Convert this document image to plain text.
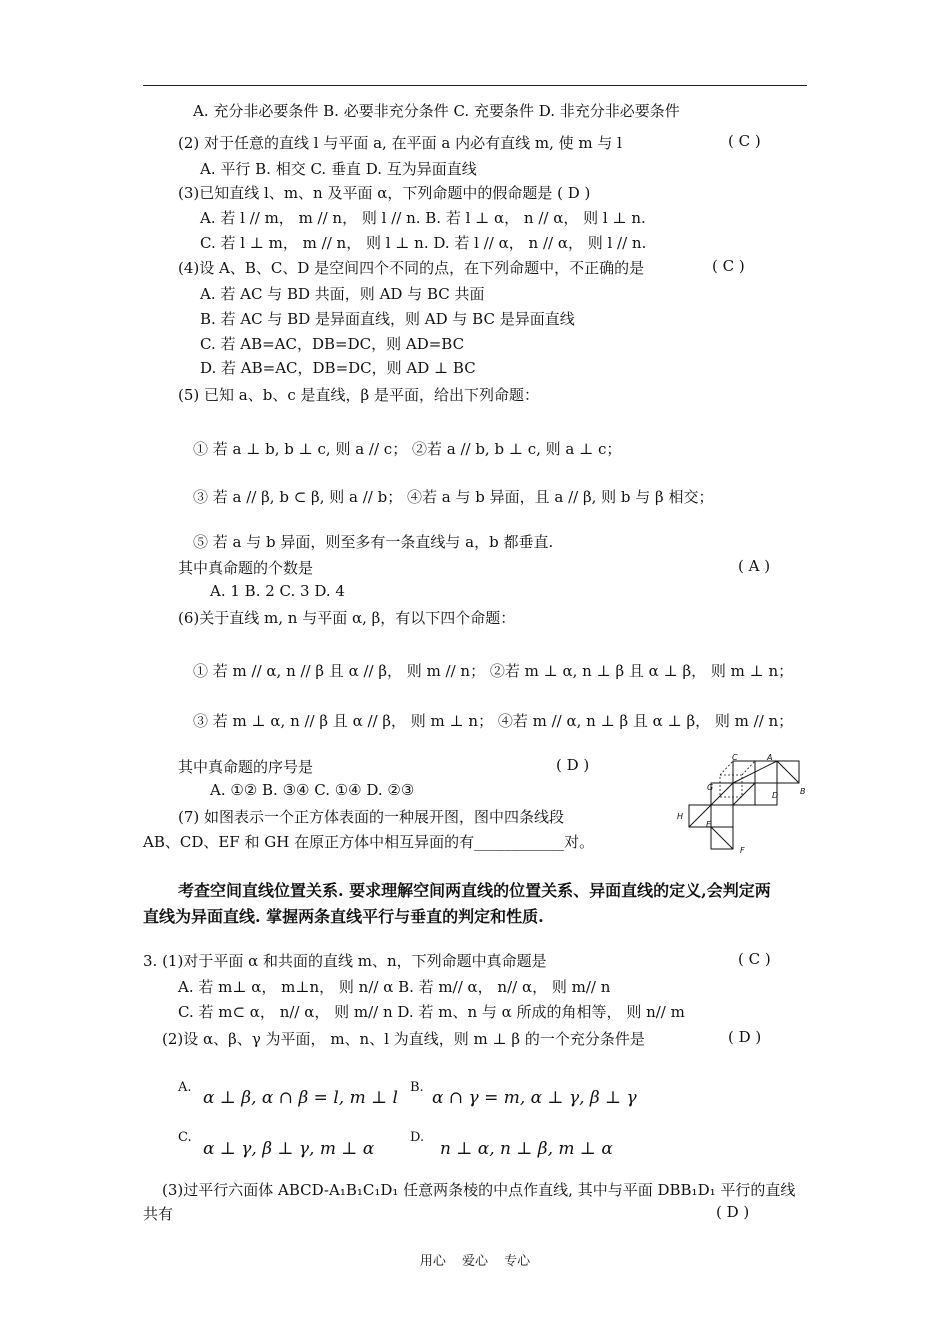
A. 充分非必要条件 B. 必要非充分条件 C. 充要条件 D. 非充分非必要条件
(2) 对于任意的直线 l 与平面 a, 在平面 a 内必有直线 m, 使 m 与 l	( C )
A. 平行 B. 相交 C. 垂直 D. 互为异面直线
(3)已知直线 l、m、n 及平面 α，下列命题中的假命题是 ( D )
A. 若 l // m， m // n， 则 l // n. B. 若 l ⊥ α， n // α， 则 l ⊥ n.
C. 若 l ⊥ m， m // n， 则 l ⊥ n. D. 若 l // α， n // α， 则 l // n.
(4)设 A、B、C、D 是空间四个不同的点，在下列命题中，不正确的是	( C )
A. 若 AC 与 BD 共面，则 AD 与 BC 共面
B. 若 AC 与 BD 是异面直线，则 AD 与 BC 是异面直线
C. 若 AB=AC，DB=DC，则 AD=BC
D. 若 AB=AC，DB=DC，则 AD ⊥ BC
(5) 已知 a、b、c 是直线，β 是平面，给出下列命题：
① 若 a ⊥ b, b ⊥ c, 则 a // c； ②若 a // b, b ⊥ c, 则 a ⊥ c；
③ 若 a // β, b ⊂ β, 则 a // b； ④若 a 与 b 异面，且 a // β, 则 b 与 β 相交；
⑤ 若 a 与 b 异面，则至多有一条直线与 a，b 都垂直.
其中真命题的个数是	( A )
A. 1 B. 2 C. 3 D. 4
(6)关于直线 m, n 与平面 α, β，有以下四个命题：
① 若 m // α, n // β 且 α // β， 则 m // n； ②若 m ⊥ α, n ⊥ β 且 α ⊥ β， 则 m ⊥ n；
③ 若 m ⊥ α, n // β 且 α // β， 则 m ⊥ n； ④若 m // α, n ⊥ β 且 α ⊥ β， 则 m // n；
其中真命题的序号是	( D )
A. ①② B. ③④ C. ①④ D. ②③
(7) 如图表示一个正方体表面的一种展开图，图中四条线段
AB、CD、EF 和 GH 在原正方体中相互异面的有____________对。
C	A
G
D	B
H
E
F
考查空间直线位置关系. 要求理解空间两直线的位置关系、异面直线的定义,会判定两
直线为异面直线. 掌握两条直线平行与垂直的判定和性质.
3. (1)对于平面 α 和共面的直线 m、n，下列命题中真命题是	( C )
A. 若 m⊥ α， m⊥n， 则 n// α B. 若 m// α， n// α， 则 m// n
C. 若 m⊂ α， n// α， 则 m// n D. 若 m、n 与 α 所成的角相等， 则 n// m
(2)设 α、β、γ 为平面， m、n、l 为直线，则 m ⊥ β 的一个充分条件是	( D )
A.
α ⊥ β, α ∩ β = l, m ⊥ l
B.
α ∩ γ = m, α ⊥ γ, β ⊥ γ
C.
α ⊥ γ, β ⊥ γ, m ⊥ α
D.
n ⊥ α, n ⊥ β, m ⊥ α
(3)过平行六面体 ABCD-A₁B₁C₁D₁ 任意两条棱的中点作直线, 其中与平面 DBB₁D₁ 平行的直线
共有	( D )
用心 爱心 专心
